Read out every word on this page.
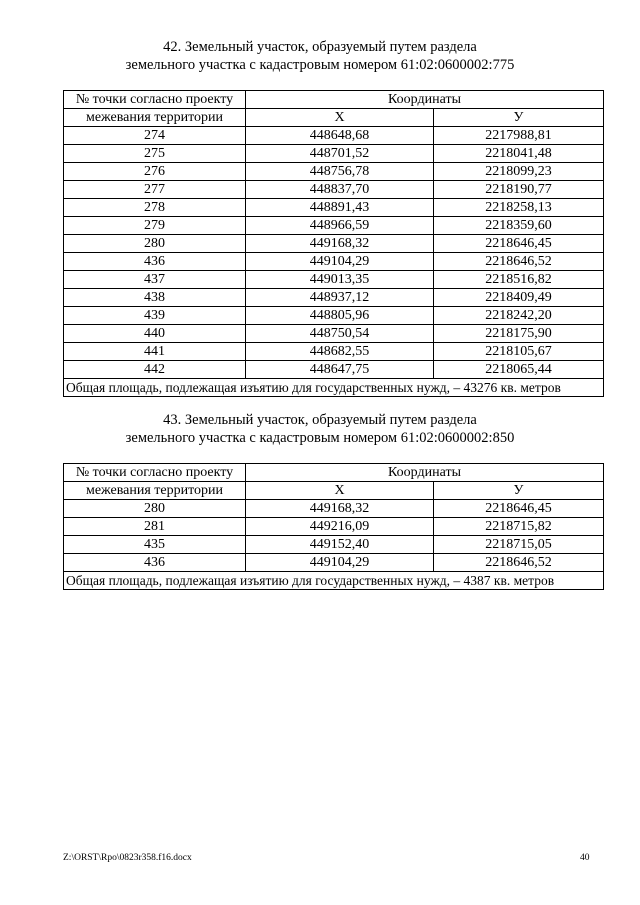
42. Земельный участок, образуемый путем раздела
земельного участка с кадастровым номером 61:02:0600002:775
№ точки согласно проекту	Координаты	
межевания территории	X	У
274	448648,68	2217988,81
275	448701,52	2218041,48
276	448756,78	2218099,23
277	448837,70	2218190,77
278	448891,43	2218258,13
279	448966,59	2218359,60
280	449168,32	2218646,45
436	449104,29	2218646,52
437	449013,35	2218516,82
438	448937,12	2218409,49
439	448805,96	2218242,20
440	448750,54	2218175,90
441	448682,55	2218105,67
442	448647,75	2218065,44
Общая площадь, подлежащая изъятию для государственных нужд, – 43276 кв. метров		
43. Земельный участок, образуемый путем раздела
земельного участка с кадастровым номером 61:02:0600002:850
№ точки согласно проекту	Координаты	
межевания территории	X	У
280	449168,32	2218646,45
281	449216,09	2218715,82
435	449152,40	2218715,05
436	449104,29	2218646,52
Общая площадь, подлежащая изъятию для государственных нужд, – 4387 кв. метров		
Z:\ORST\Rpo\0823r358.f16.docx	40
